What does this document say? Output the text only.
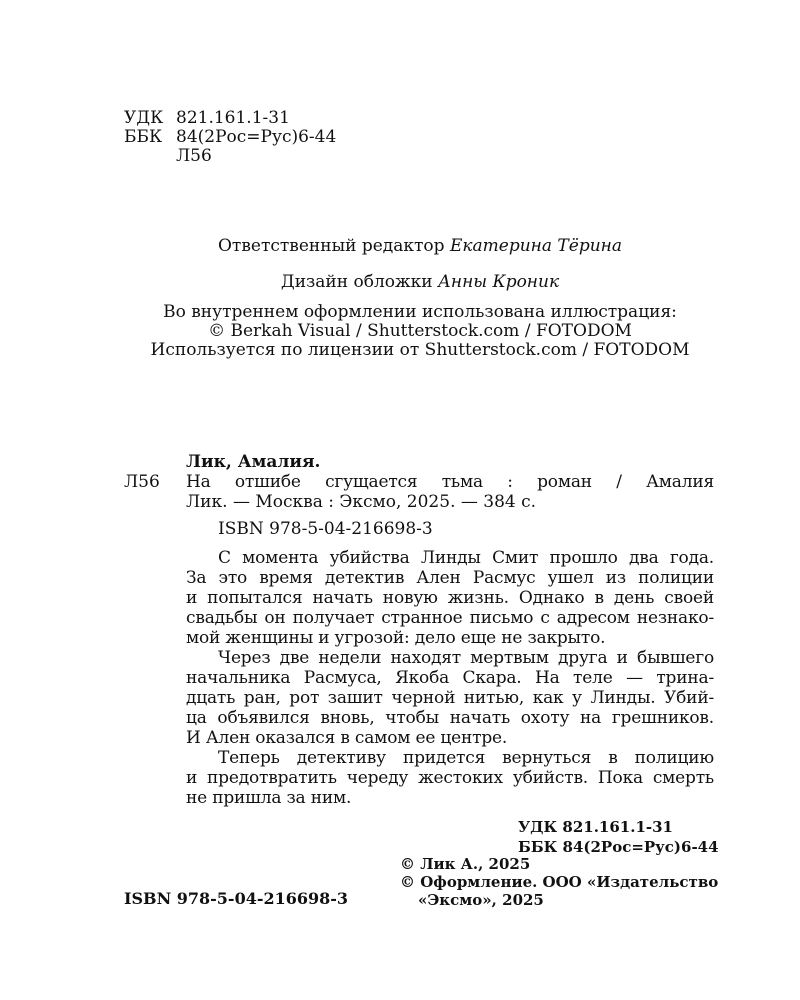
УДК 821.161.1-31
ББК 84(2Рос=Рус)6-44
Л56
Ответственный редактор Екатерина Тёрина
Дизайн обложки Анны Кроник
Во внутреннем оформлении использована иллюстрация:
© Berkah Visual / Shutterstock.com / FOTODOM
Используется по лицензии от Shutterstock.com / FOTODOM
Лик, Амалия.
Л56 На отшибе сгущается тьма : роман / Амалия
Лик. — Москва : Эксмо, 2025. — 384 с.
ISBN 978-5-04-216698-3
С момента убийства Линды Смит прошло два года.
За это время детектив Ален Расмус ушел из полиции
и попытался начать новую жизнь. Однако в день своей
свадьбы он получает странное письмо с адресом незнако-
мой женщины и угрозой: дело еще не закрыто.
Через две недели находят мертвым друга и бывшего
начальника Расмуса, Якоба Скара. На теле — трина-
дцать ран, рот зашит черной нитью, как у Линды. Убий-
ца объявился вновь, чтобы начать охоту на грешников.
И Ален оказался в самом ее центре.
Теперь детективу придется вернуться в полицию
и предотвратить череду жестоких убийств. Пока смерть
не пришла за ним.
УДК 821.161.1-31
ББК 84(2Рос=Рус)6-44
© Лик А., 2025
© Оформление. ООО «Издательство
«Эксмо», 2025
ISBN 978-5-04-216698-3
